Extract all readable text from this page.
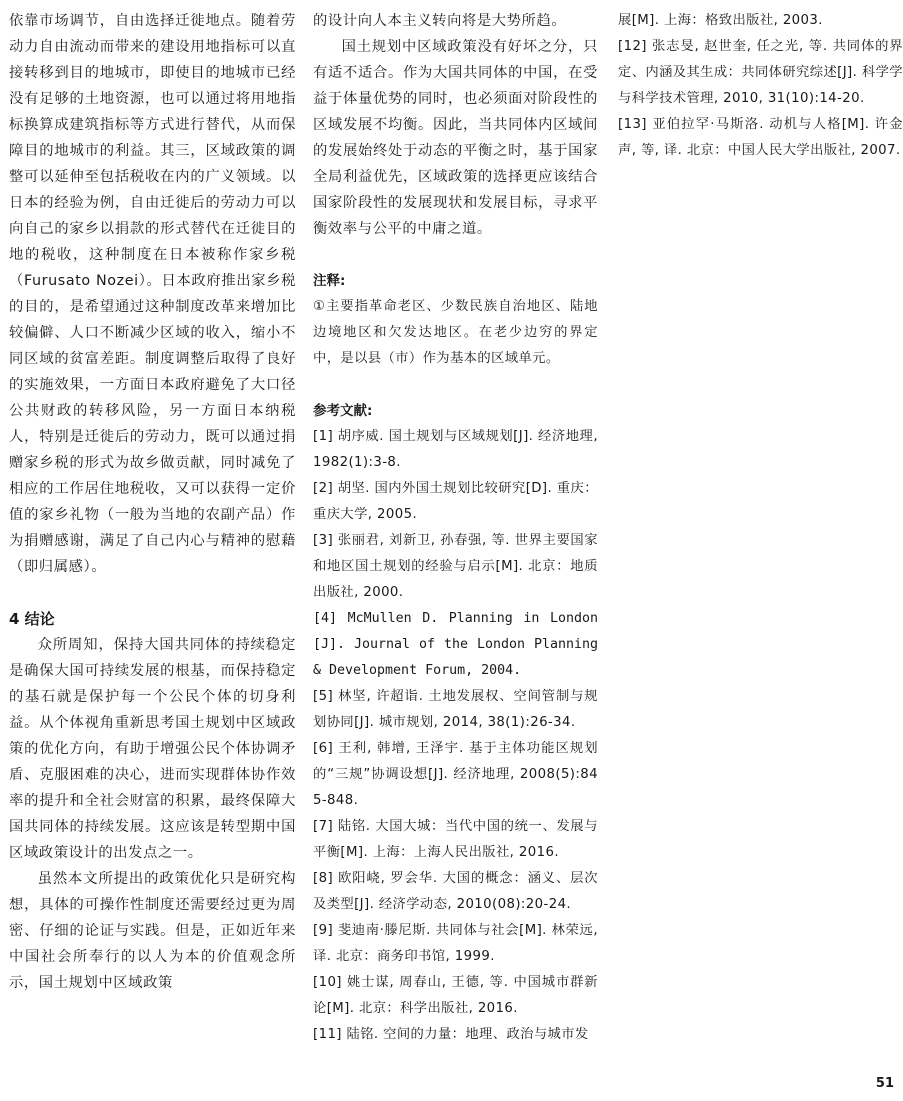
依靠市场调节，自由选择迁徙地点。随着劳动力自由流动而带来的建设用地指标可以直接转移到目的地城市，即使目的地城市已经没有足够的土地资源，也可以通过将用地指标换算成建筑指标等方式进行替代，从而保障目的地城市的利益。其三，区域政策的调整可以延伸至包括税收在内的广义领域。以日本的经验为例，自由迁徙后的劳动力可以向自己的家乡以捐款的形式替代在迁徙目的地的税收，这种制度在日本被称作家乡税（Furusato Nozei）。日本政府推出家乡税的目的，是希望通过这种制度改革来增加比较偏僻、人口不断减少区域的收入，缩小不同区域的贫富差距。制度调整后取得了良好的实施效果，一方面日本政府避免了大口径公共财政的转移风险，另一方面日本纳税人，特别是迁徙后的劳动力，既可以通过捐赠家乡税的形式为故乡做贡献，同时减免了相应的工作居住地税收，又可以获得一定价值的家乡礼物（一般为当地的农副产品）作为捐赠感谢，满足了自己内心与精神的慰藉（即归属感）。

4 结论

众所周知，保持大国共同体的持续稳定是确保大国可持续发展的根基，而保持稳定的基石就是保护每一个公民个体的切身利益。从个体视角重新思考国土规划中区域政策的优化方向，有助于增强公民个体协调矛盾、克服困难的决心，进而实现群体协作效率的提升和全社会财富的积累，最终保障大国共同体的持续发展。这应该是转型期中国区域政策设计的出发点之一。

虽然本文所提出的政策优化只是研究构想，具体的可操作性制度还需要经过更为周密、仔细的论证与实践。但是，正如近年来中国社会所奉行的以人为本的价值观念所示，国土规划中区域政策

的设计向人本主义转向将是大势所趋。

国土规划中区域政策没有好坏之分，只有适不适合。作为大国共同体的中国，在受益于体量优势的同时，也必须面对阶段性的区域发展不均衡。因此，当共同体内区域间的发展始终处于动态的平衡之时，基于国家全局利益优先，区域政策的选择更应该结合国家阶段性的发展现状和发展目标，寻求平衡效率与公平的中庸之道。

注释:

①主要指革命老区、少数民族自治地区、陆地边境地区和欠发达地区。在老少边穷的界定中，是以县（市）作为基本的区域单元。

参考文献:

[1] 胡序威. 国土规划与区域规划[J]. 经济地理, 1982(1):3-8.

[2] 胡坚. 国内外国土规划比较研究[D]. 重庆：重庆大学, 2005.

[3] 张丽君, 刘新卫, 孙春强, 等. 世界主要国家和地区国土规划的经验与启示[M]. 北京：地质出版社, 2000.

[4] McMullen D. Planning in London[J]. Journal of the London Planning & Development Forum, 2004.

[5] 林坚, 许超诣. 土地发展权、空间管制与规划协同[J]. 城市规划, 2014, 38(1):26-34.

[6] 王利, 韩增, 王泽宇. 基于主体功能区规划的“三规”协调设想[J]. 经济地理, 2008(5):845-848.

[7] 陆铭. 大国大城：当代中国的统一、发展与平衡[M]. 上海：上海人民出版社, 2016.

[8] 欧阳峣, 罗会华. 大国的概念：涵义、层次及类型[J]. 经济学动态, 2010(08):20-24.

[9] 斐迪南·滕尼斯. 共同体与社会[M]. 林荣远, 译. 北京：商务印书馆, 1999.

[10] 姚士谋, 周春山, 王德, 等. 中国城市群新论[M]. 北京：科学出版社, 2016.

[11] 陆铭. 空间的力量：地理、政治与城市发

展[M]. 上海：格致出版社, 2003.

[12] 张志旻, 赵世奎, 任之光, 等. 共同体的界定、内涵及其生成：共同体研究综述[J]. 科学学与科学技术管理, 2010, 31(10):14-20.

[13] 亚伯拉罕·马斯洛. 动机与人格[M]. 许金声, 等, 译. 北京：中国人民大学出版社, 2007.

51
